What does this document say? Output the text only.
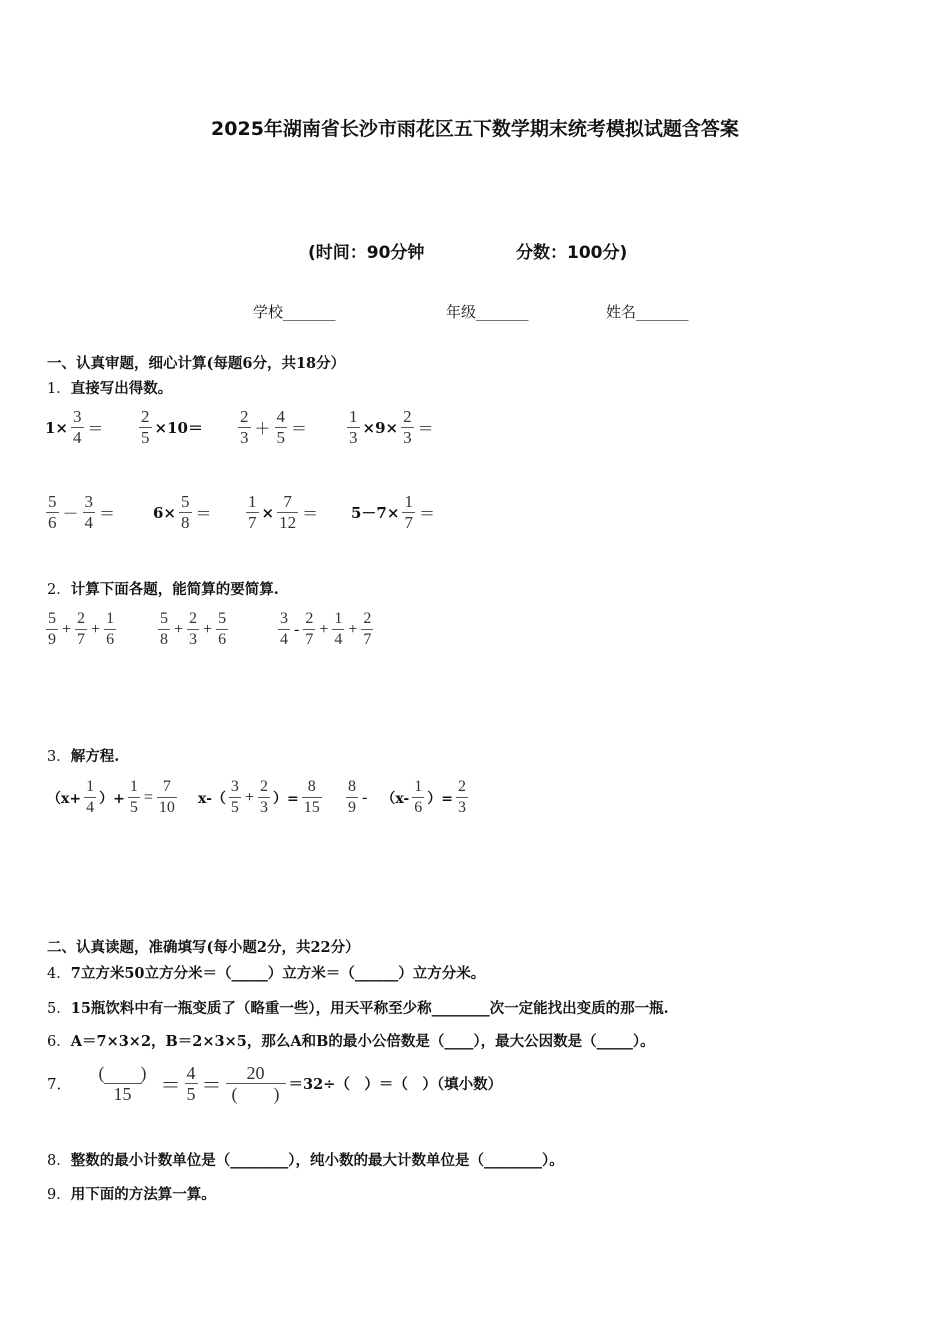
2025年湖南省长沙市雨花区五下数学期末统考模拟试题含答案
(时间：90分钟	分数：100分)
学校_______	年级_______	姓名_______
一、认真审题，细心计算(每题6分，共18分）
1．直接写出得数。
$1\times \frac{3}{4} = \frac{2}{5} \times 10= \frac{2}{3} + \frac{4}{5} = \frac{1}{3} \times 9\times \frac{2}{3}$ ＝
$\frac{5}{6} - \frac{3}{4}$ ＝	$6\times \frac{5}{8} = \frac{1}{7} \times \frac{7}{12} = 5-7\times \frac{1}{7}$ ＝
2．计算下面各题，能简算的要简算.
$\frac{5}{9} + \frac{2}{7} + \frac{1}{6}$	$\frac{5}{8} + \frac{2}{3} + \frac{5}{6}$	$\frac{3}{4} - \frac{2}{7} + \frac{1}{4} + \frac{2}{7}$
3．解方程.
（$x+ \frac{1}{4}$ ）+ $\frac{1}{5} = \frac{7}{10} x-( \frac{3}{5} + \frac{2}{3}$ ）= $\frac{8}{15} \frac{8}{9} - (x- \frac{1}{6}$ ）= $\frac{2}{3}$
二、认真读题，准确填写(每小题2分，共22分）
4．7立方米50立方分米＝（_____）立方米＝（______）立方分米。
5．15瓶饮料中有一瓶变质了（略重一些），用天平称至少称________次一定能找出变质的那一瓶.
6．A＝7×3×2，B＝2×3×5，那么A和B的最小公倍数是（____），最大公因数是（_____）。
7． $\frac{( )}{15} = \frac{4}{5} = \frac{20}{( )} =32\div$（　）＝（　）（填小数）
8．整数的最小计数单位是（________），纯小数的最大计数单位是（________）。
9．用下面的方法算一算。
